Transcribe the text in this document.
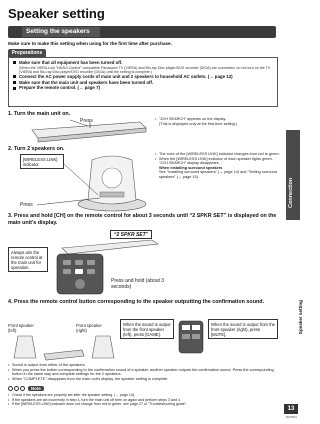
Speaker setting
Setting the speakers
Make sure to make this setting when using for the first time after purchase.
Preparations
Make sure that all equipment has been turned off.
(When the VIERA Link "HDAVI Control" compatible Panasonic TV (VIERA) and Blu-ray Disc player/DVD recorder (DIGA) are connected, do not turn on the TV (VIERA) and Blu-ray Disc player/DVD recorder (DIGA) until the setting is complete.)
Connect the AC power supply cords of main unit and 2 speakers to household AC outlets. (→ page 12)
Make sure that the main unit and speakers have been turned off.
Prepare the remote control. (→ page 7)
1. Turn the main unit on.
Press
•	"2CH SEARCH" appears on the display.
(This is displayed only at the first-time setting.)
2. Turn 2 speakers on.
[WIRELESS LINK] indicator
Press
• The color of the [WIRELESS LINK] indicator changes from red to green.
• When the [WIRELESS LINK] indicator of each speaker lights green, "2CH SEARCH" display disappears.
When installing surround speakers
See "Installing surround speakers" (→ page 14) and "Setting surround speakers" (→ page 15).
3. Press and hold [CH] on the remote control for about 3 seconds until “2 SPKR SET” is displayed on the main unit’s display.
“2 SPKR SET”
Always aim the remote control at the main unit for operation.
Press and hold (about 3 seconds)
4. Press the remote control button corresponding to the speaker outputting the confirmation sound.
Front speaker (left)
Front speaker (right)
When the sound is output from the front speaker (left), press [GAME].
When the sound is output from the front speaker (right), press [MUTE].
• Sound is output from either of the speakers.
• When you press the button corresponding to the confirmation sound of a speaker, another speaker outputs the confirmation sound. Press the corresponding button in the same way and complete settings for the 2 speakers.
• When "COMPLETE" disappears from the main unit's display, the speaker setting is complete.
Note
• Check if the speakers are properly set after the speaker setting. (→ page 14)
• If the speakers are set incorrectly in step 4, turn the main unit off then on again and perform steps 3 and 4.
• If the [WIRELESS LINK] indicator does not change from red to green, see page 27 of "Troubleshooting guide".
Connection
Speaker setting
13
RQT9521
